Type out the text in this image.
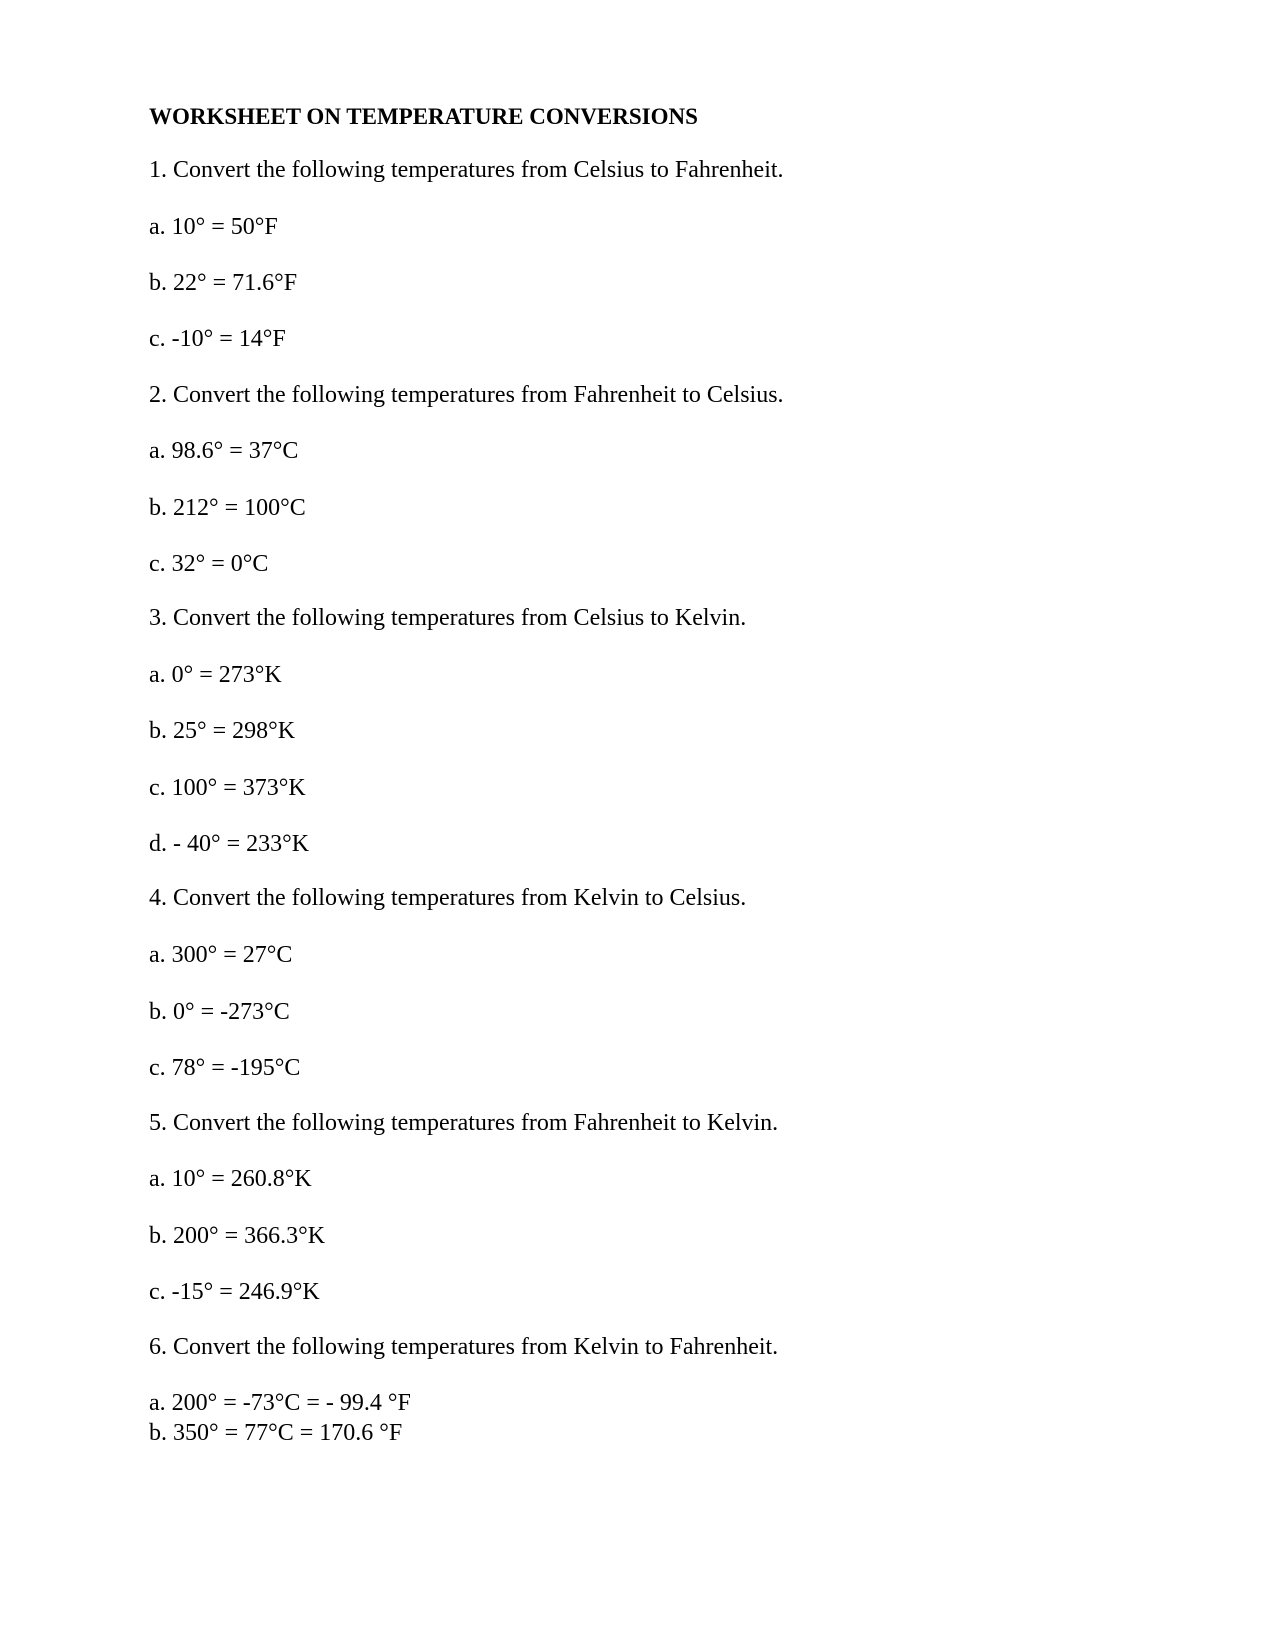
WORKSHEET ON TEMPERATURE CONVERSIONS
1. Convert the following temperatures from Celsius to Fahrenheit.
a. 10° = 50°F
b. 22° = 71.6°F
c. -10° = 14°F
2. Convert the following temperatures from Fahrenheit to Celsius.
a. 98.6° = 37°C
b. 212° = 100°C
c. 32° = 0°C
3. Convert the following temperatures from Celsius to Kelvin.
a. 0° = 273°K
b. 25° = 298°K
c. 100° = 373°K
d. - 40° = 233°K
4. Convert the following temperatures from Kelvin to Celsius.
a. 300° = 27°C
b. 0° = -273°C
c. 78° = -195°C
5. Convert the following temperatures from Fahrenheit to Kelvin.
a. 10° = 260.8°K
b. 200° = 366.3°K
c. -15° = 246.9°K
6. Convert the following temperatures from Kelvin to Fahrenheit.
a. 200° = -73°C = - 99.4 °F
b. 350° = 77°C = 170.6 °F
